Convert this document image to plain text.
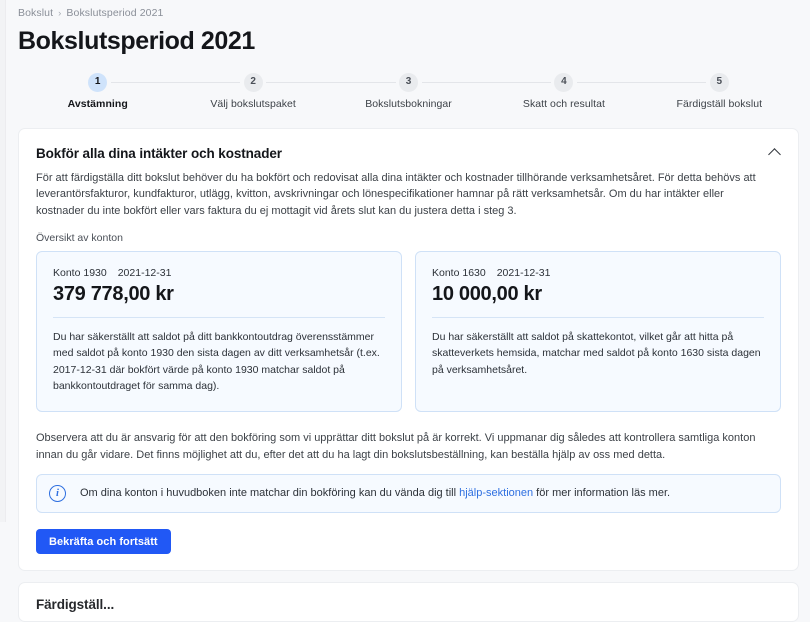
Bokslut › Bokslutsperiod 2021
Bokslutsperiod 2021
1
Avstämning
2
Välj bokslutspaket
3
Bokslutsbokningar
4
Skatt och resultat
5
Färdigställ bokslut
Bokför alla dina intäkter och kostnader

För att färdigställa ditt bokslut behöver du ha bokfört och redovisat alla dina intäkter och kostnader tillhörande verksamhetsåret. För detta behövs att leverantörsfakturor, kundfakturor, utlägg, kvitton, avskrivningar och lönespecifikationer hamnar på rätt verksamhetsår. Om du har intäkter eller kostnader du inte bokfört eller vars faktura du ej mottagit vid årets slut kan du justera detta i steg 3.

Översikt av konton
Konto 1930 2021-12-31
379 778,00 kr

Du har säkerställt att saldot på ditt bankkontoutdrag överensstämmer med saldot på konto 1930 den sista dagen av ditt verksamhetsår (t.ex. 2017-12-31 där bokfört värde på konto 1930 matchar saldot på bankkontoutdraget för samma dag).

Konto 1630 2021-12-31
10 000,00 kr

Du har säkerställt att saldot på skattekontot, vilket går att hitta på skatteverkets hemsida, matchar med saldot på konto 1630 sista dagen på verksamhetsåret.

Observera att du är ansvarig för att den bokföring som vi upprättar ditt bokslut på är korrekt. Vi uppmanar dig således att kontrollera samtliga konton innan du går vidare. Det finns möjlighet att du, efter det att du ha lagt din bokslutsbeställning, kan beställa hjälp av oss med detta.

i	Om dina konton i huvudboken inte matchar din bokföring kan du vända dig till hjälp-sektionen för mer information läs mer.
Bekräfta och fortsätt
Färdigställ...
